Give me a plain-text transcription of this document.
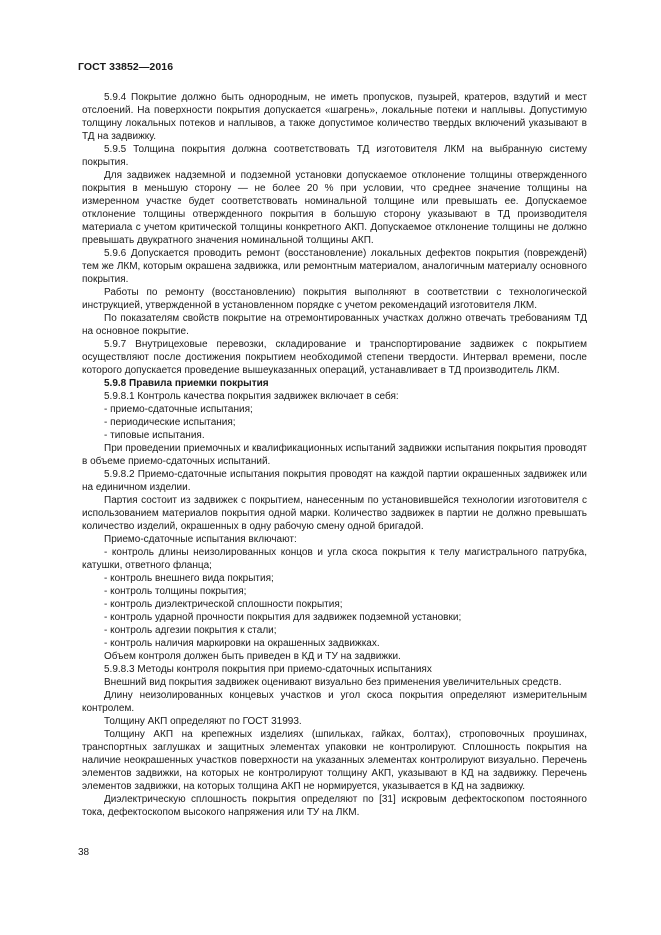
ГОСТ 33852—2016

5.9.4 Покрытие должно быть однородным, не иметь пропусков, пузырей, кратеров, вздутий и мест отслоений. На поверхности покрытия допускается «шагрень», локальные потеки и наплывы. Допустимую толщину локальных потеков и наплывов, а также допустимое количество твердых включений указывают в ТД на задвижку.

5.9.5 Толщина покрытия должна соответствовать ТД изготовителя ЛКМ на выбранную систему покрытия.

Для задвижек надземной и подземной установки допускаемое отклонение толщины отвержденного покрытия в меньшую сторону — не более 20 % при условии, что среднее значение толщины на измеренном участке будет соответствовать номинальной толщине или превышать ее. Допускаемое отклонение толщины отвержденного покрытия в большую сторону указывают в ТД производителя материала с учетом критической толщины конкретного АКП. Допускаемое отклонение толщины не должно превышать двукратного значения номинальной толщины АКП.

5.9.6 Допускается проводить ремонт (восстановление) локальных дефектов покрытия (поврежденй) тем же ЛКМ, которым окрашена задвижка, или ремонтным материалом, аналогичным материалу основного покрытия.

Работы по ремонту (восстановлению) покрытия выполняют в соответствии с технологической инструкцией, утвержденной в установленном порядке с учетом рекомендаций изготовителя ЛКМ.

По показателям свойств покрытие на отремонтированных участках должно отвечать требованиям ТД на основное покрытие.

5.9.7 Внутрицеховые перевозки, складирование и транспортирование задвижек с покрытием осуществляют после достижения покрытием необходимой степени твердости. Интервал времени, после которого допускается проведение вышеуказанных операций, устанавливает в ТД производитель ЛКМ.

5.9.8 Правила приемки покрытия

5.9.8.1 Контроль качества покрытия задвижек включает в себя:

- приемо-сдаточные испытания;

- периодические испытания;

- типовые испытания.

При проведении приемочных и квалификационных испытаний задвижки испытания покрытия проводят в объеме приемо-сдаточных испытаний.

5.9.8.2 Приемо-сдаточные испытания покрытия проводят на каждой партии окрашенных задвижек или на единичном изделии.

Партия состоит из задвижек с покрытием, нанесенным по установившейся технологии изготовителя с использованием материалов покрытия одной марки. Количество задвижек в партии не должно превышать количество изделий, окрашенных в одну рабочую смену одной бригадой.

Приемо-сдаточные испытания включают:

- контроль длины неизолированных концов и угла скоса покрытия к телу магистрального патрубка, катушки, ответного фланца;

- контроль внешнего вида покрытия;

- контроль толщины покрытия;

- контроль диэлектрической сплошности покрытия;

- контроль ударной прочности покрытия для задвижек подземной установки;

- контроль адгезии покрытия к стали;

- контроль наличия маркировки на окрашенных задвижках.

Объем контроля должен быть приведен в КД и ТУ на задвижки.

5.9.8.3 Методы контроля покрытия при приемо-сдаточных испытаниях

Внешний вид покрытия задвижек оценивают визуально без применения увеличительных средств.

Длину неизолированных концевых участков и угол скоса покрытия определяют измерительным контролем.

Толщину АКП определяют по ГОСТ 31993.

Толщину АКП на крепежных изделиях (шпильках, гайках, болтах), строповочных проушинах, транспортных заглушках и защитных элементах упаковки не контролируют. Сплошность покрытия на наличие неокрашенных участков поверхности на указанных элементах контролируют визуально. Перечень элементов задвижки, на которых не контролируют толщину АКП, указывают в КД на задвижку. Перечень элементов задвижки, на которых толщина АКП не нормируется, указывается в КД на задвижку.

Диэлектрическую сплошность покрытия определяют по [31] искровым дефектоскопом постоянного тока, дефектоскопом высокого напряжения или ТУ на ЛКМ.

38
